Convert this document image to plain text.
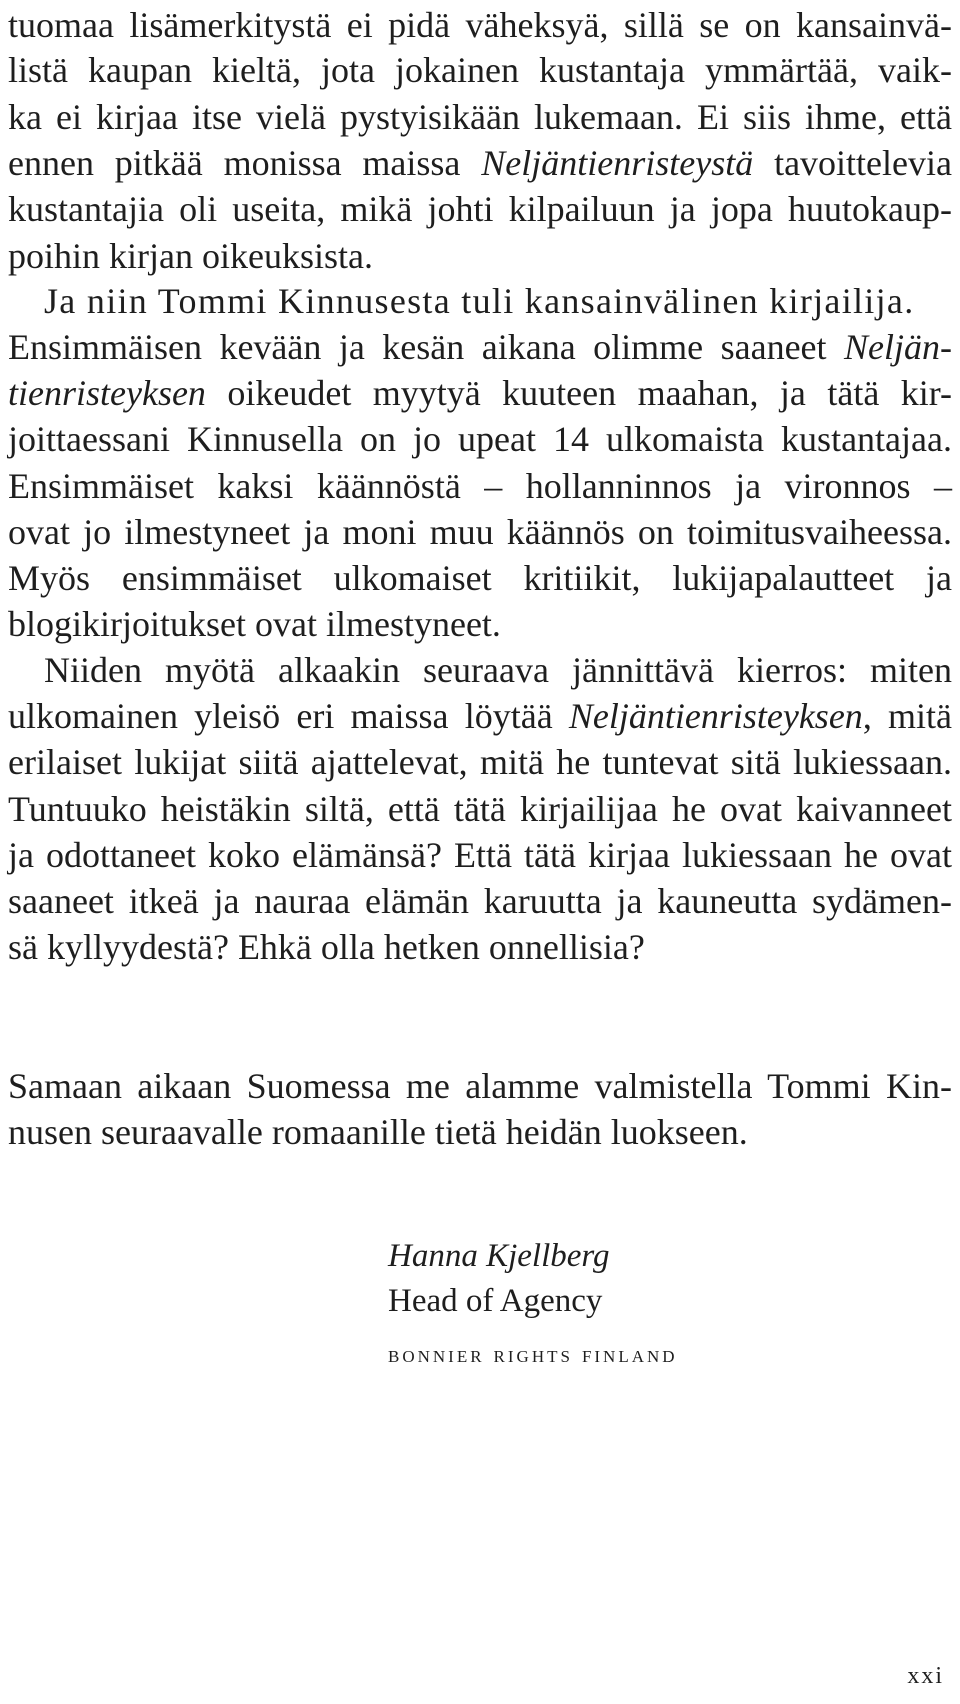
tuomaa lisämerkitystä ei pidä väheksyä, sillä se on kansainvä-

listä kaupan kieltä, jota jokainen kustantaja ymmärtää, vaik-

ka ei kirjaa itse vielä pystyisikään lukemaan. Ei siis ihme, että

ennen pitkää monissa maissa Neljäntienristeystä tavoittelevia

kustantajia oli useita, mikä johti kilpailuun ja jopa huutokaup-

poihin kirjan oikeuksista.

Ja niin Tommi Kinnusesta tuli kansainvälinen kirjailija.

Ensimmäisen kevään ja kesän aikana olimme saaneet Neljän-

tienristeyksen oikeudet myytyä kuuteen maahan, ja tätä kir-

joittaessani Kinnusella on jo upeat 14 ulkomaista kustantajaa.

Ensimmäiset kaksi käännöstä – hollanninnos ja vironnos –

ovat jo ilmestyneet ja moni muu käännös on toimitusvaiheessa.

Myös ensimmäiset ulkomaiset kritiikit, lukijapalautteet ja

blogikirjoitukset ovat ilmestyneet.

Niiden myötä alkaakin seuraava jännittävä kierros: miten

ulkomainen yleisö eri maissa löytää Neljäntienristeyksen, mitä

erilaiset lukijat siitä ajattelevat, mitä he tuntevat sitä lukiessaan.

Tuntuuko heistäkin siltä, että tätä kirjailijaa he ovat kaivanneet

ja odottaneet koko elämänsä? Että tätä kirjaa lukiessaan he ovat

saaneet itkeä ja nauraa elämän karuutta ja kauneutta sydämen-

sä kyllyydestä? Ehkä olla hetken onnellisia?

Samaan aikaan Suomessa me alamme valmistella Tommi Kin-

nusen seuraavalle romaanille tietä heidän luokseen.

Hanna Kjellberg
Head of Agency
bonnier rights finland
xxi
